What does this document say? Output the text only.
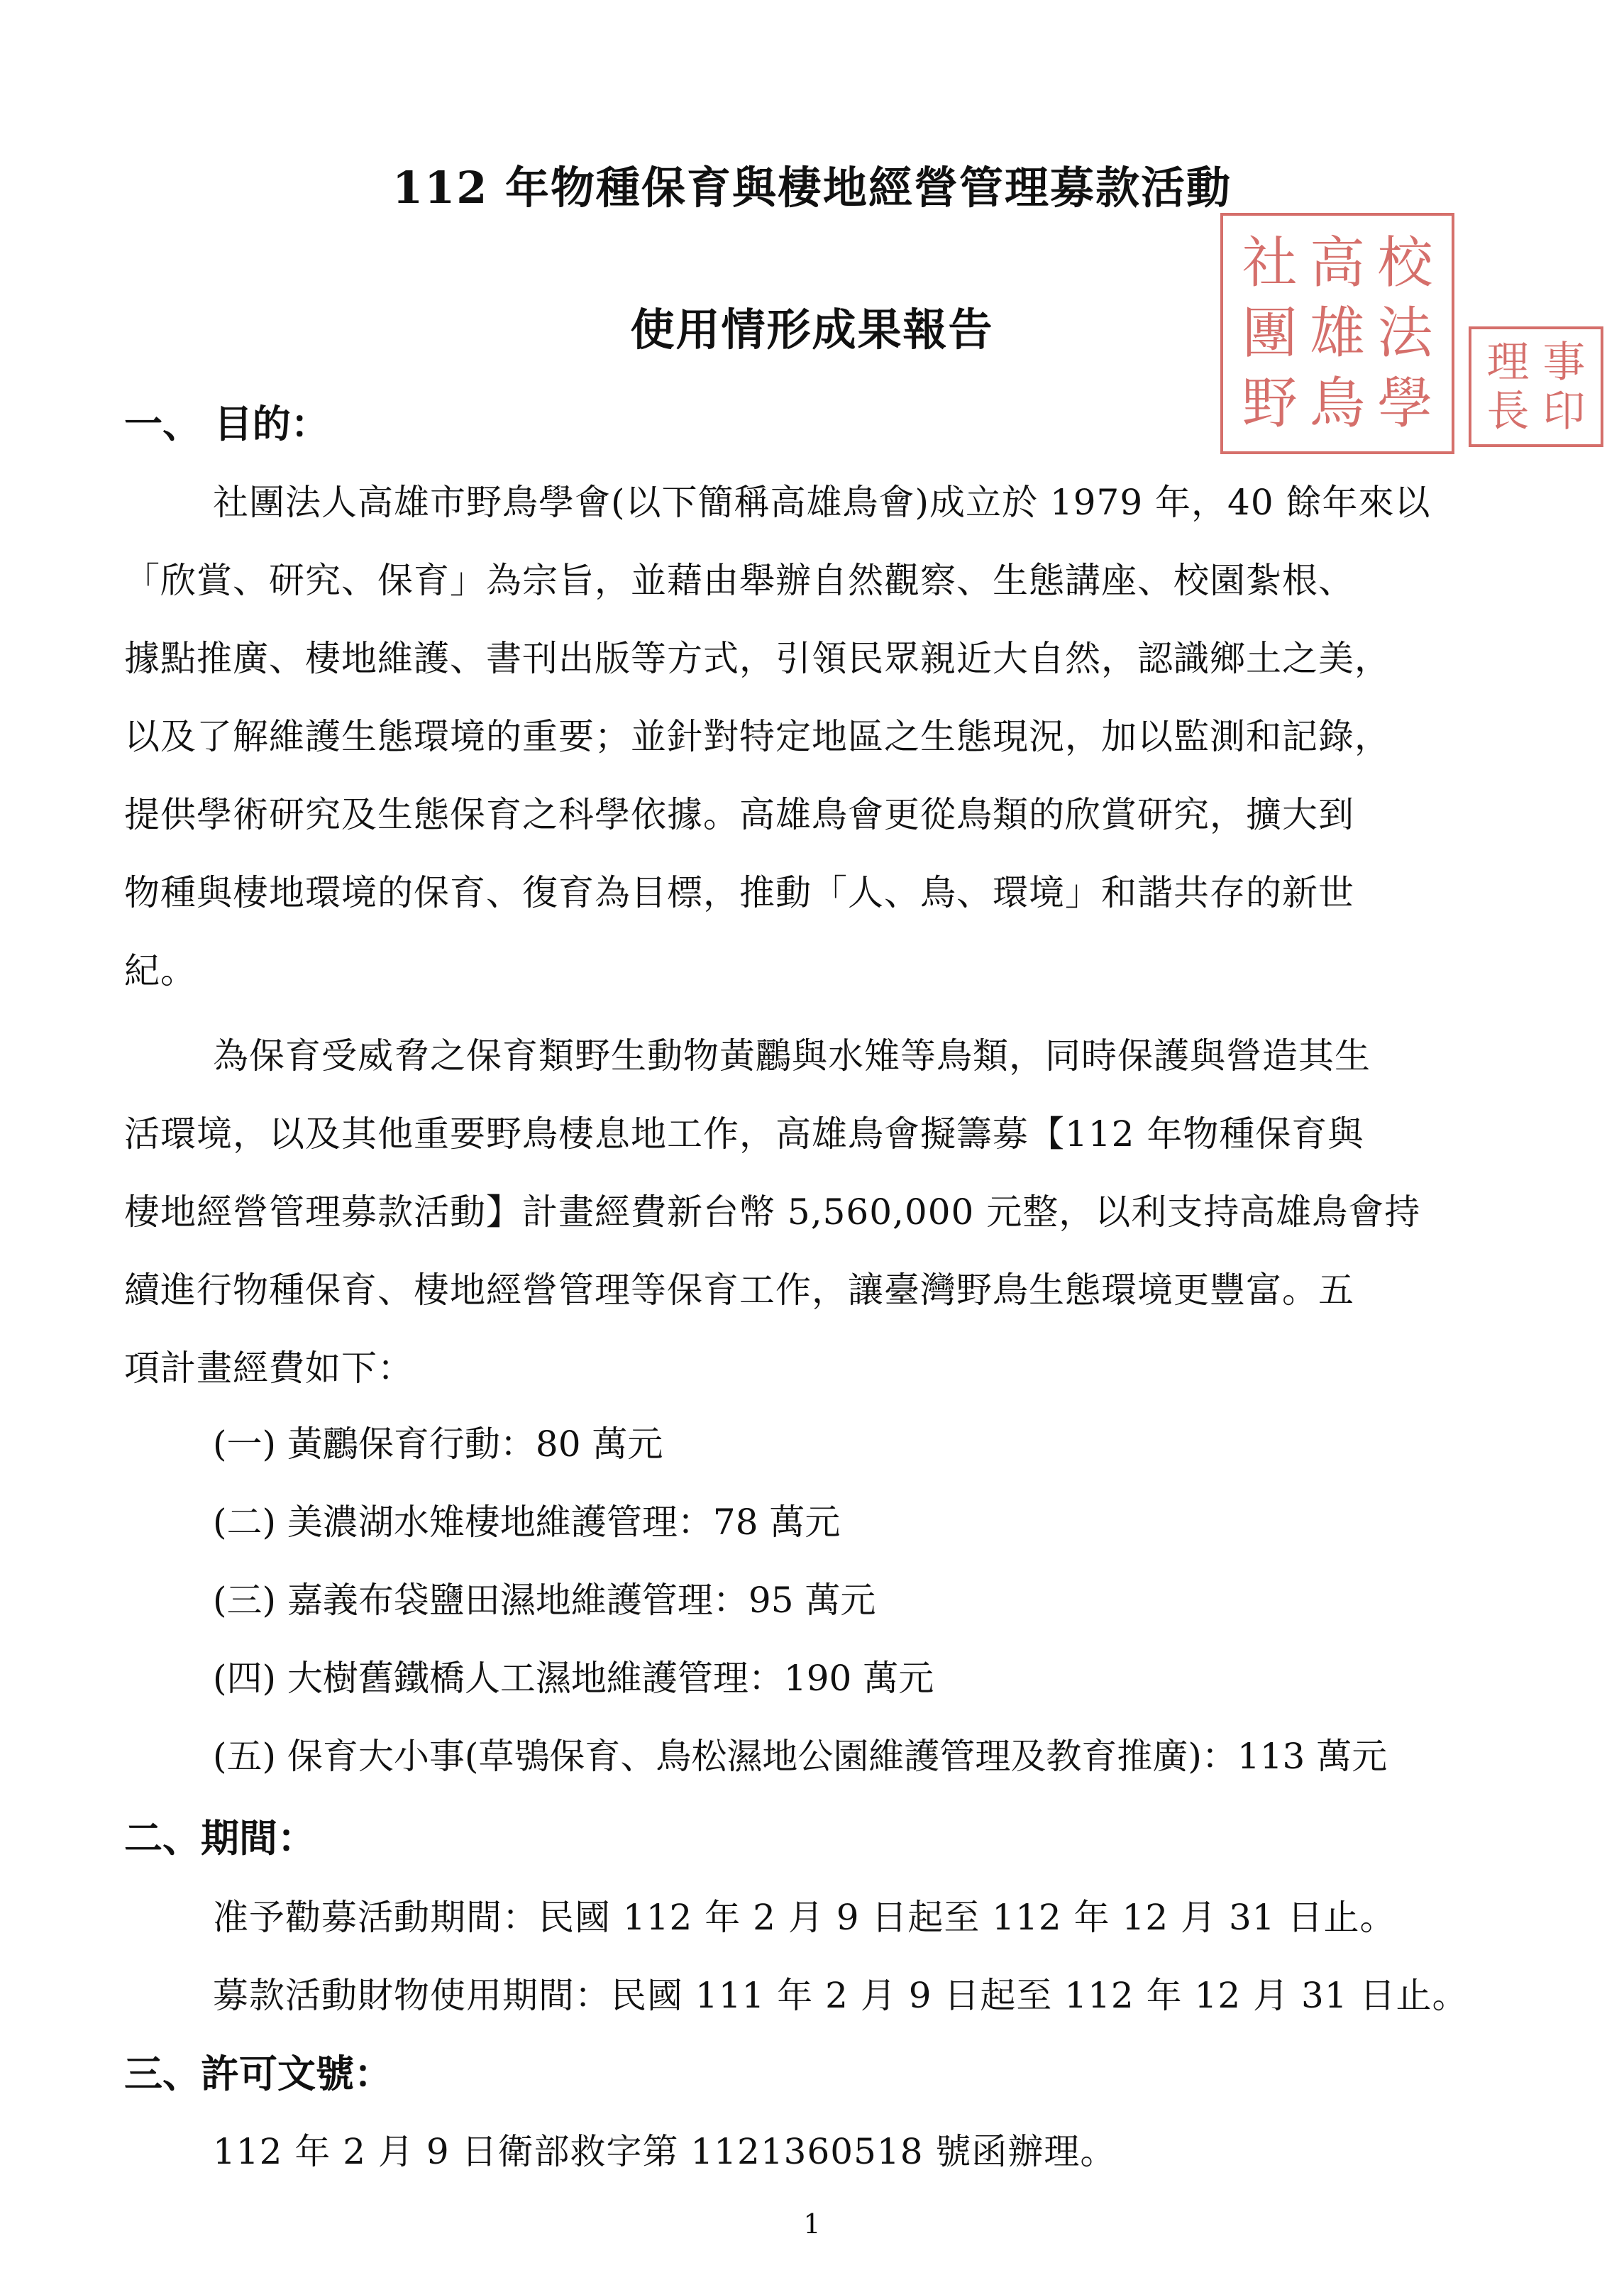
112 年物種保育與棲地經營管理募款活動
使用情形成果報告
社 高 校
團 雄 法
野 鳥 學
理 事
長 印
一、 目的：
社團法人高雄市野鳥學會(以下簡稱高雄鳥會)成立於 1979 年，40 餘年來以
「欣賞、研究、保育」為宗旨，並藉由舉辦自然觀察、生態講座、校園紮根、
據點推廣、棲地維護、書刊出版等方式，引領民眾親近大自然，認識鄉土之美，
以及了解維護生態環境的重要；並針對特定地區之生態現況，加以監測和記錄，
提供學術研究及生態保育之科學依據。高雄鳥會更從鳥類的欣賞研究，擴大到
物種與棲地環境的保育、復育為目標，推動「人、鳥、環境」和諧共存的新世
紀。
為保育受威脅之保育類野生動物黃鸝與水雉等鳥類，同時保護與營造其生
活環境，以及其他重要野鳥棲息地工作，高雄鳥會擬籌募【112 年物種保育與
棲地經營管理募款活動】計畫經費新台幣 5,560,000 元整，以利支持高雄鳥會持
續進行物種保育、棲地經營管理等保育工作，讓臺灣野鳥生態環境更豐富。五
項計畫經費如下：
(一) 黃鸝保育行動：80 萬元
(二) 美濃湖水雉棲地維護管理：78 萬元
(三) 嘉義布袋鹽田濕地維護管理：95 萬元
(四) 大樹舊鐵橋人工濕地維護管理：190 萬元
(五) 保育大小事(草鴞保育、鳥松濕地公園維護管理及教育推廣)：113 萬元
二、期間：
准予勸募活動期間：民國 112 年 2 月 9 日起至 112 年 12 月 31 日止。
募款活動財物使用期間：民國 111 年 2 月 9 日起至 112 年 12 月 31 日止。
三、許可文號：
112 年 2 月 9 日衛部救字第 1121360518 號函辦理。
1
